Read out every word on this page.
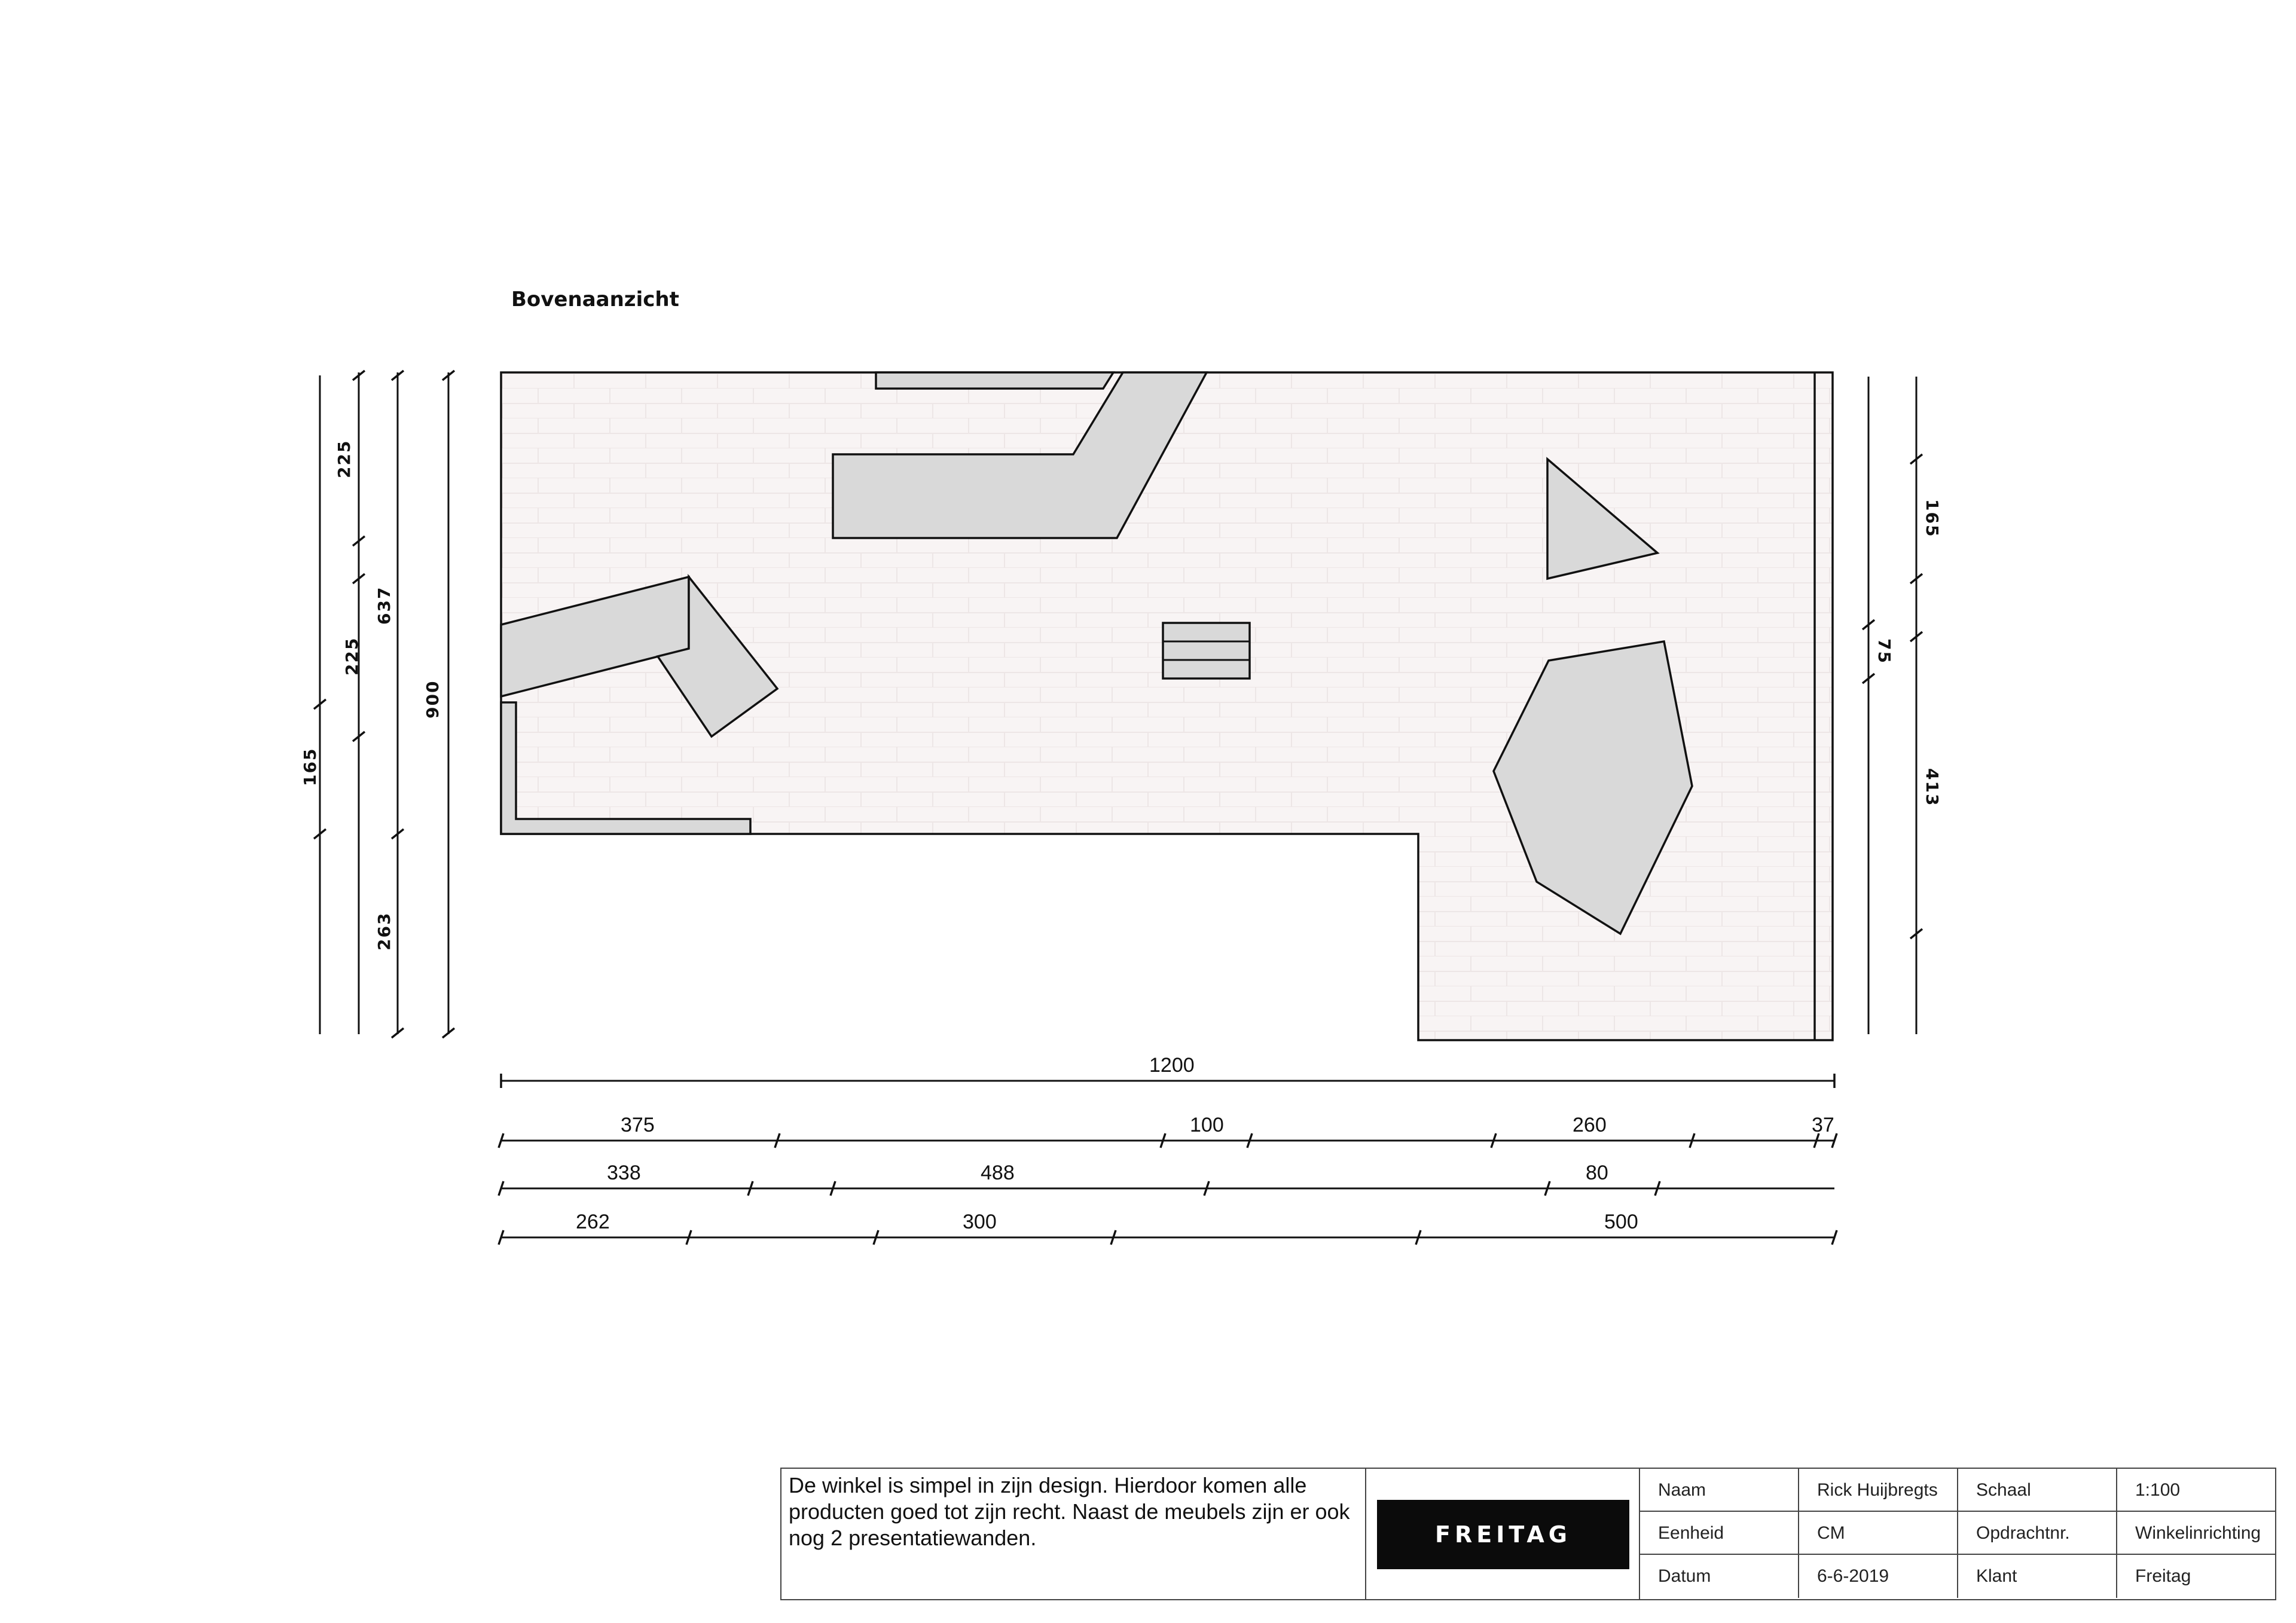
Bovenaanzicht
1200
375	100	260	37
338	488	80
262	300	500
225
225
165
637
263
900
165
75
413
De winkel is simpel in zijn design. Hierdoor komen alle producten goed tot zijn recht. Naast de meubels zijn er ook nog 2 presentatiewanden.	FREITAG
Naam	Rick Huijbregts	Schaal	1:100
Eenheid	CM	Opdrachtnr.	Winkelinrichting
Datum	6-6-2019	Klant	Freitag
